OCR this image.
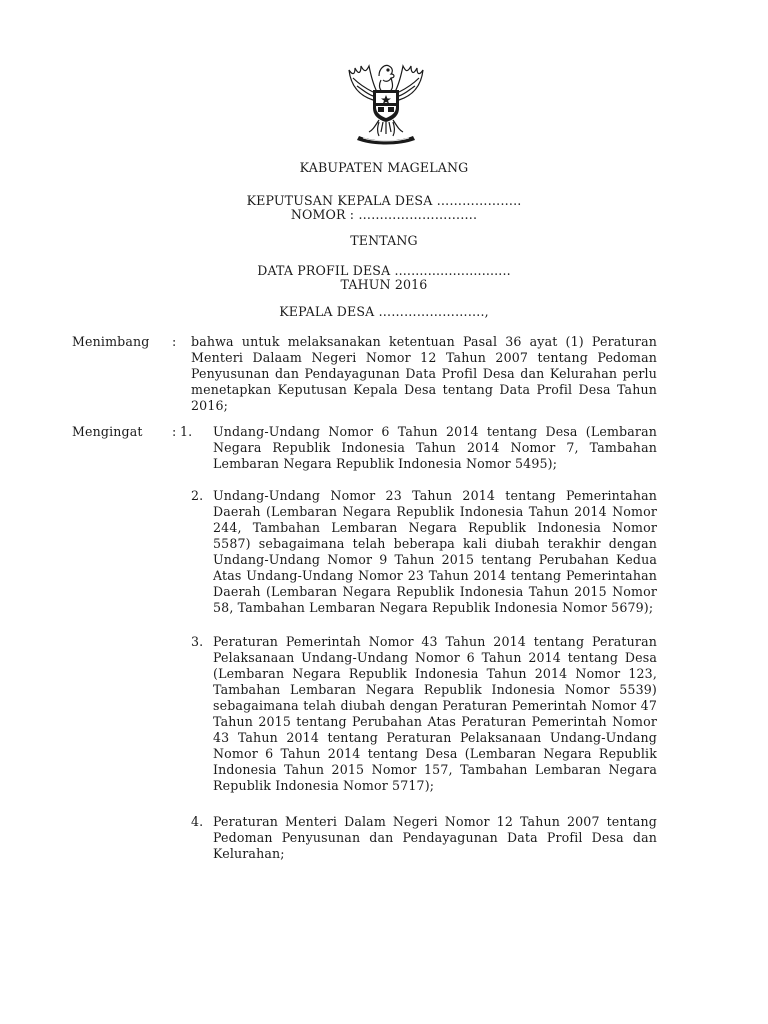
KABUPATEN MAGELANG
KEPUTUSAN KEPALA DESA ………………..
NOMOR : ……………………….
TENTANG
DATA PROFIL DESA ............................
TAHUN 2016
KEPALA DESA …………………….,
Menimbang : bahwa untuk melaksanakan ketentuan Pasal 36 ayat (1) Peraturan Menteri Dalaam Negeri Nomor 12 Tahun 2007 tentang Pedoman Penyusunan dan Pendayagunan Data Profil Desa dan Kelurahan perlu menetapkan Keputusan Kepala Desa tentang Data Profil Desa Tahun 2016;
Mengingat : 1.	Undang-Undang Nomor 6 Tahun 2014 tentang Desa (Lembaran Negara Republik Indonesia Tahun 2014 Nomor 7, Tambahan Lembaran Negara Republik Indonesia Nomor 5495);
2. Undang-Undang Nomor 23 Tahun 2014 tentang Pemerintahan Daerah (Lembaran Negara Republik Indonesia Tahun 2014 Nomor 244, Tambahan Lembaran Negara Republik Indonesia Nomor 5587) sebagaimana telah beberapa kali diubah terakhir dengan Undang-Undang Nomor 9 Tahun 2015 tentang Perubahan Kedua Atas Undang-Undang Nomor 23 Tahun 2014 tentang Pemerintahan Daerah (Lembaran Negara Republik Indonesia Tahun 2015 Nomor 58, Tambahan Lembaran Negara Republik Indonesia Nomor 5679);
3. Peraturan Pemerintah Nomor 43 Tahun 2014 tentang Peraturan Pelaksanaan Undang-Undang Nomor 6 Tahun 2014 tentang Desa (Lembaran Negara Republik Indonesia Tahun 2014 Nomor 123, Tambahan Lembaran Negara Republik Indonesia Nomor 5539) sebagaimana telah diubah dengan Peraturan Pemerintah Nomor 47 Tahun 2015 tentang Perubahan Atas Peraturan Pemerintah Nomor 43 Tahun 2014 tentang Peraturan Pelaksanaan Undang-Undang Nomor 6 Tahun 2014 tentang Desa (Lembaran Negara Republik Indonesia Tahun 2015 Nomor 157, Tambahan Lembaran Negara Republik Indonesia Nomor 5717);
4. Peraturan Menteri Dalam Negeri Nomor 12 Tahun 2007 tentang Pedoman Penyusunan dan Pendayagunan Data Profil Desa dan Kelurahan;
